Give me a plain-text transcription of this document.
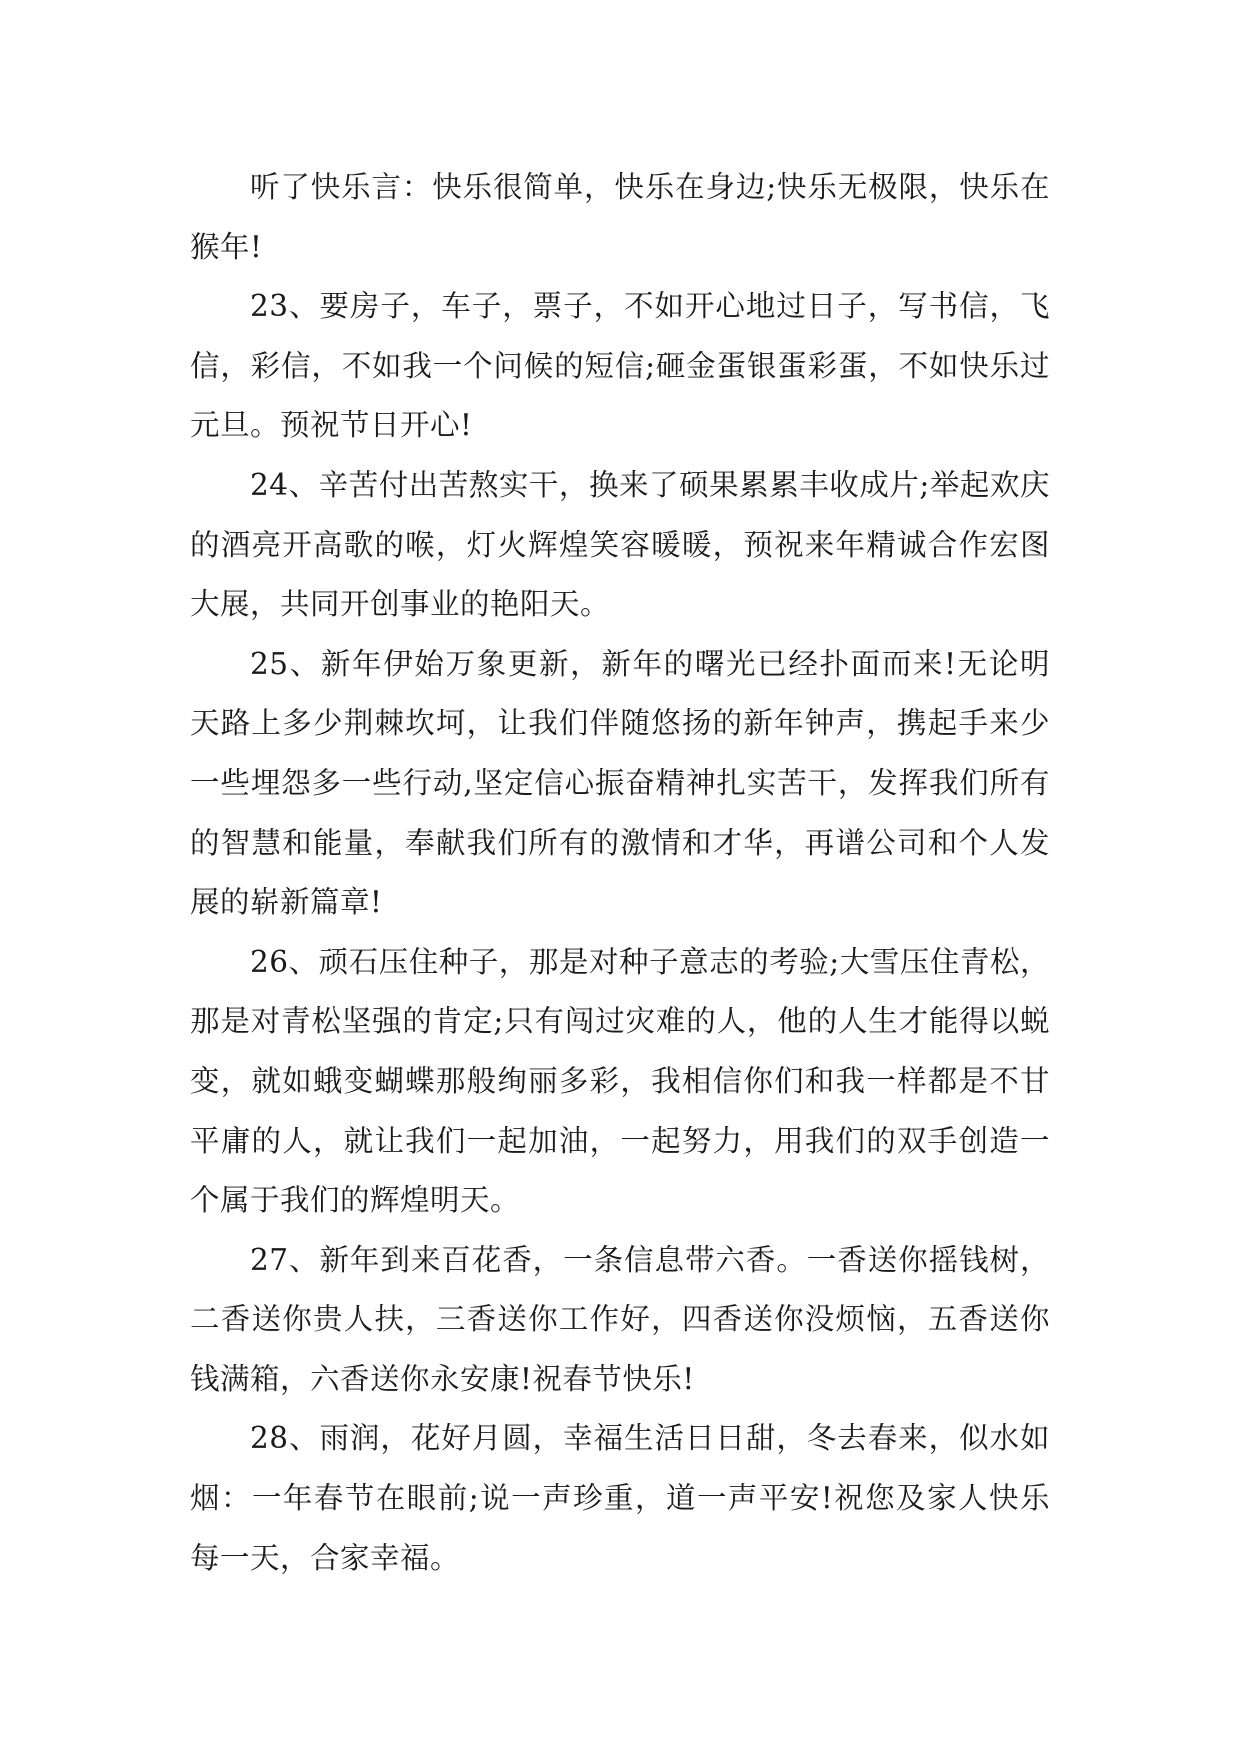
听了快乐言：快乐很简单，快乐在身边;快乐无极限，快乐在猴年!

23、要房子，车子，票子，不如开心地过日子，写书信，飞信，彩信，不如我一个问候的短信;砸金蛋银蛋彩蛋，不如快乐过元旦。预祝节日开心!

24、辛苦付出苦熬实干，换来了硕果累累丰收成片;举起欢庆的酒亮开高歌的喉，灯火辉煌笑容暖暖，预祝来年精诚合作宏图大展，共同开创事业的艳阳天。

25、新年伊始万象更新，新年的曙光已经扑面而来!无论明天路上多少荆棘坎坷，让我们伴随悠扬的新年钟声，携起手来少一些埋怨多一些行动,坚定信心振奋精神扎实苦干，发挥我们所有的智慧和能量，奉献我们所有的激情和才华，再谱公司和个人发展的崭新篇章!

26、顽石压住种子，那是对种子意志的考验;大雪压住青松，那是对青松坚强的肯定;只有闯过灾难的人，他的人生才能得以蜕变，就如蛾变蝴蝶那般绚丽多彩，我相信你们和我一样都是不甘平庸的人，就让我们一起加油，一起努力，用我们的双手创造一个属于我们的辉煌明天。

27、新年到来百花香，一条信息带六香。一香送你摇钱树，二香送你贵人扶，三香送你工作好，四香送你没烦恼，五香送你钱满箱，六香送你永安康!祝春节快乐!

28、雨润，花好月圆，幸福生活日日甜，冬去春来，似水如烟：一年春节在眼前;说一声珍重，道一声平安!祝您及家人快乐每一天，合家幸福。
